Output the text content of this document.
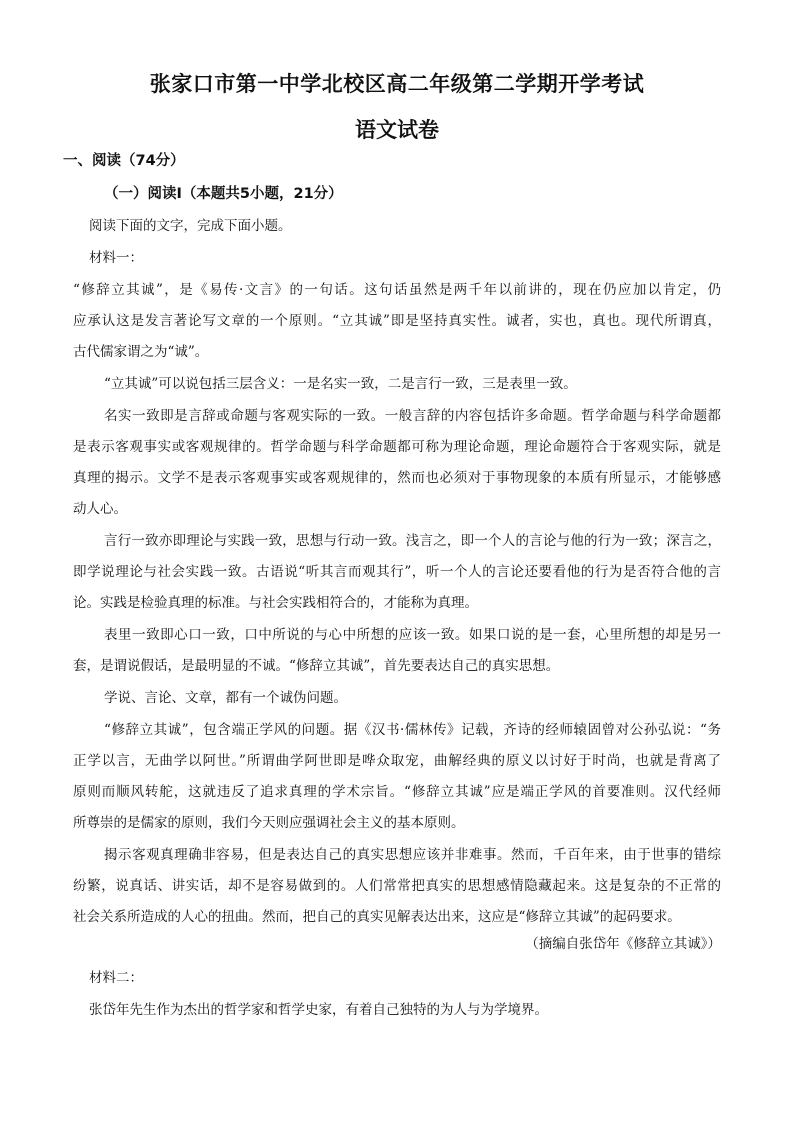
张家口市第一中学北校区高二年级第二学期开学考试
语文试卷
一、阅读（74分）
（一）阅读Ⅰ（本题共5小题，21分）
阅读下面的文字，完成下面小题。
材料一：
“修辞立其诚”，是《易传·文言》的一句话。这句话虽然是两千年以前讲的，现在仍应加以肯定，仍
应承认这是发言著论写文章的一个原则。“立其诚”即是坚持真实性。诚者，实也，真也。现代所谓真，
古代儒家谓之为“诚”。
“立其诚”可以说包括三层含义：一是名实一致，二是言行一致，三是表里一致。
名实一致即是言辞或命题与客观实际的一致。一般言辞的内容包括许多命题。哲学命题与科学命题都
是表示客观事实或客观规律的。哲学命题与科学命题都可称为理论命题，理论命题符合于客观实际，就是
真理的揭示。文学不是表示客观事实或客观规律的，然而也必须对于事物现象的本质有所显示，才能够感
动人心。
言行一致亦即理论与实践一致，思想与行动一致。浅言之，即一个人的言论与他的行为一致；深言之，
即学说理论与社会实践一致。古语说“听其言而观其行”，听一个人的言论还要看他的行为是否符合他的言
论。实践是检验真理的标准。与社会实践相符合的，才能称为真理。
表里一致即心口一致，口中所说的与心中所想的应该一致。如果口说的是一套，心里所想的却是另一
套，是谓说假话，是最明显的不诚。“修辞立其诚”，首先要表达自己的真实思想。
学说、言论、文章，都有一个诚伪问题。
“修辞立其诚”，包含端正学风的问题。据《汉书·儒林传》记载，齐诗的经师辕固曾对公孙弘说：“务
正学以言，无曲学以阿世。”所谓曲学阿世即是哗众取宠，曲解经典的原义以讨好于时尚，也就是背离了
原则而顺风转舵，这就违反了追求真理的学术宗旨。“修辞立其诚”应是端正学风的首要准则。汉代经师
所尊崇的是儒家的原则，我们今天则应强调社会主义的基本原则。
揭示客观真理确非容易，但是表达自己的真实思想应该并非难事。然而，千百年来，由于世事的错综
纷繁，说真话、讲实话，却不是容易做到的。人们常常把真实的思想感情隐藏起来。这是复杂的不正常的
社会关系所造成的人心的扭曲。然而，把自己的真实见解表达出来，这应是“修辞立其诚”的起码要求。
（摘编自张岱年《修辞立其诚》）
材料二：
张岱年先生作为杰出的哲学家和哲学史家，有着自己独特的为人与为学境界。
